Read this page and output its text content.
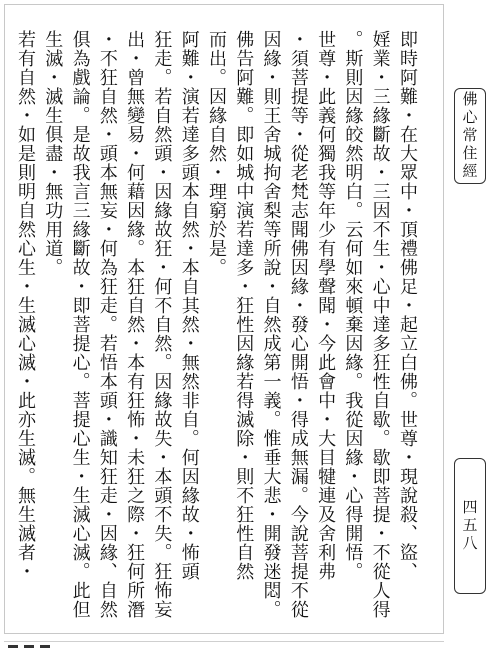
即時阿難・在大眾中・頂禮佛足・起立白佛。世尊・現說殺、盜、
婬業・三緣斷故・三因不生・心中達多狂性自歇。歇即菩提・不從人得
。斯則因緣皎然明白。云何如來頓棄因緣。我從因緣・心得開悟。
世尊・此義何獨我等年少有學聲聞・今此會中・大目犍連及舍利弗
・須菩提等・從老梵志聞佛因緣・發心開悟・得成無漏。今說菩提不從
因緣・則王舍城拘舍梨等所說・自然成第一義。惟垂大悲・開發迷悶。
佛告阿難。即如城中演若達多・狂性因緣若得滅除・則不狂性自然
而出。因緣自然・理窮於是。
阿難・演若達多頭本自然・本自其然・無然非自。何因緣故・怖頭
狂走。若自然頭・因緣故狂・何不自然。因緣故失・本頭不失。狂怖妄
出・曾無變易・何藉因緣。本狂自然・本有狂怖・未狂之際・狂何所潛
・不狂自然・頭本無妄・何為狂走。若悟本頭・識知狂走・因緣、自然
俱為戲論。是故我言三緣斷故・即菩提心。菩提心生・生滅心滅。此但
生滅・滅生俱盡・無功用道。
若有自然・如是則明自然心生・生滅心滅・此亦生滅。無生滅者・	佛心常住經
四五八
